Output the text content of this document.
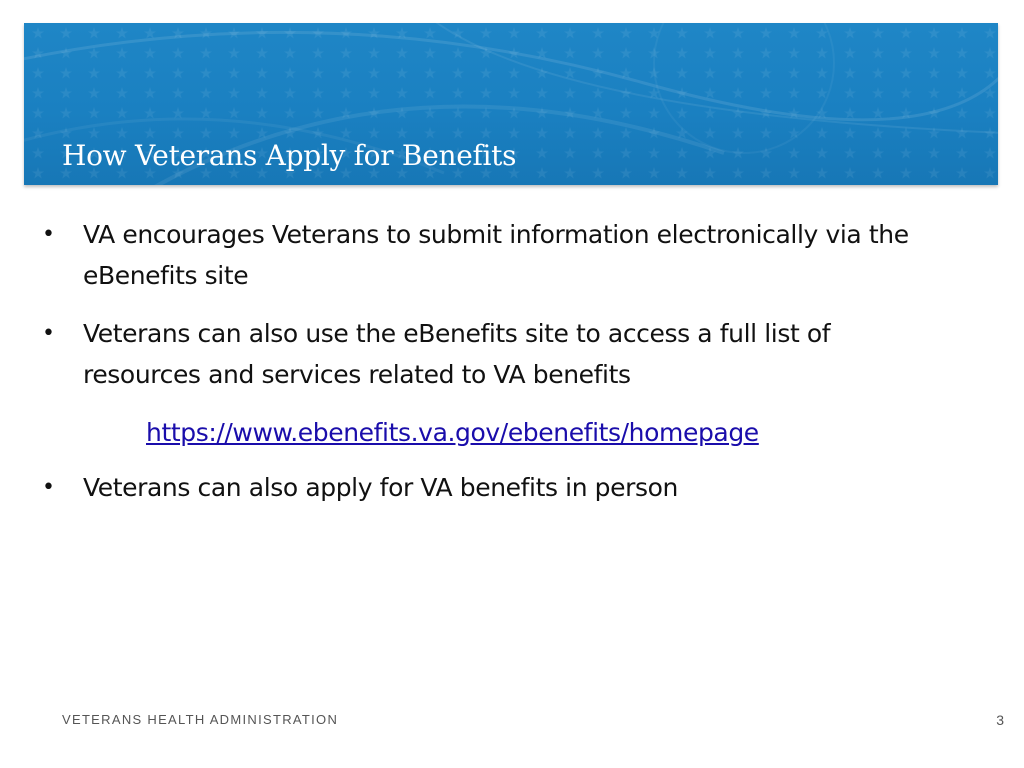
How Veterans Apply for Benefits
• VA encourages Veterans to submit information electronically via the eBenefits site
• Veterans can also use the eBenefits site to access a full list of resources and services related to VA benefits
https://www.ebenefits.va.gov/ebenefits/homepage
• Veterans can also apply for VA benefits in person
VETERANS HEALTH ADMINISTRATION	3
